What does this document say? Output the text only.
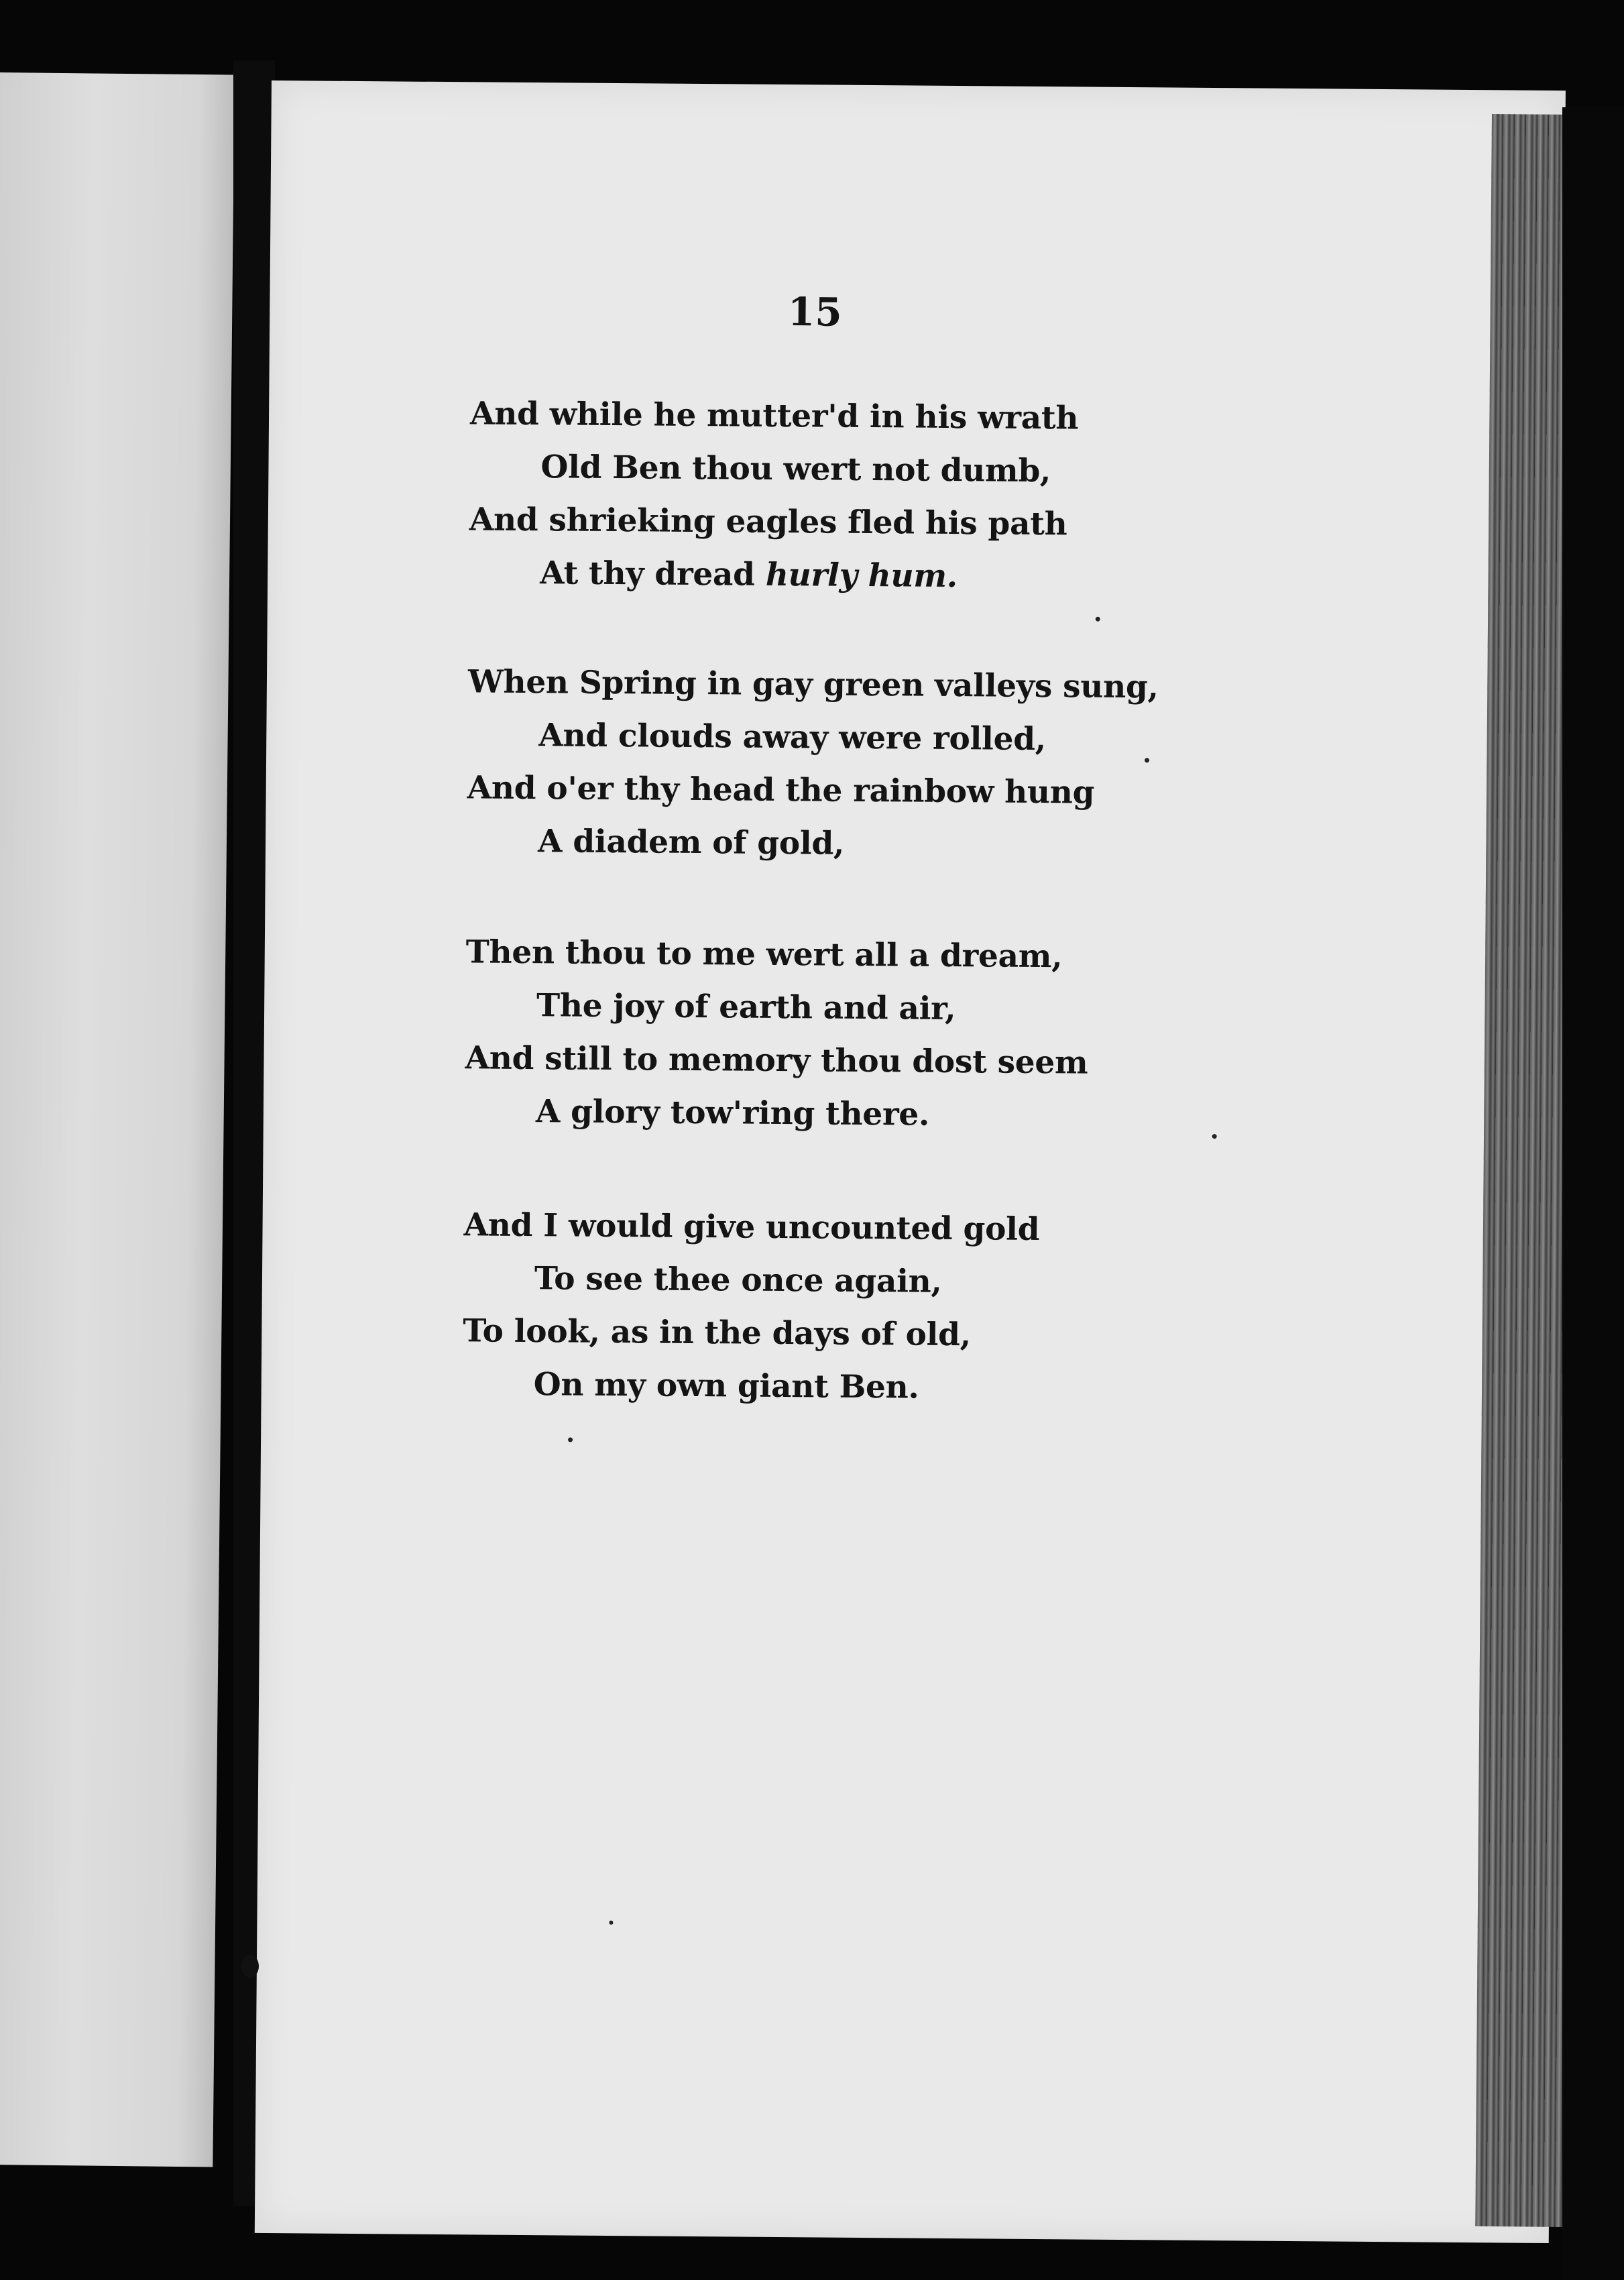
15
And while he mutter'd in his wrath
Old Ben thou wert not dumb,
And shrieking eagles fled his path
At thy dread hurly hum.
When Spring in gay green valleys sung,
And clouds away were rolled,
And o'er thy head the rainbow hung
A diadem of gold,
Then thou to me wert all a dream,
The joy of earth and air,
And still to memory thou dost seem
A glory tow'ring there.
And I would give uncounted gold
To see thee once again,
To look, as in the days of old,
On my own giant Ben.
